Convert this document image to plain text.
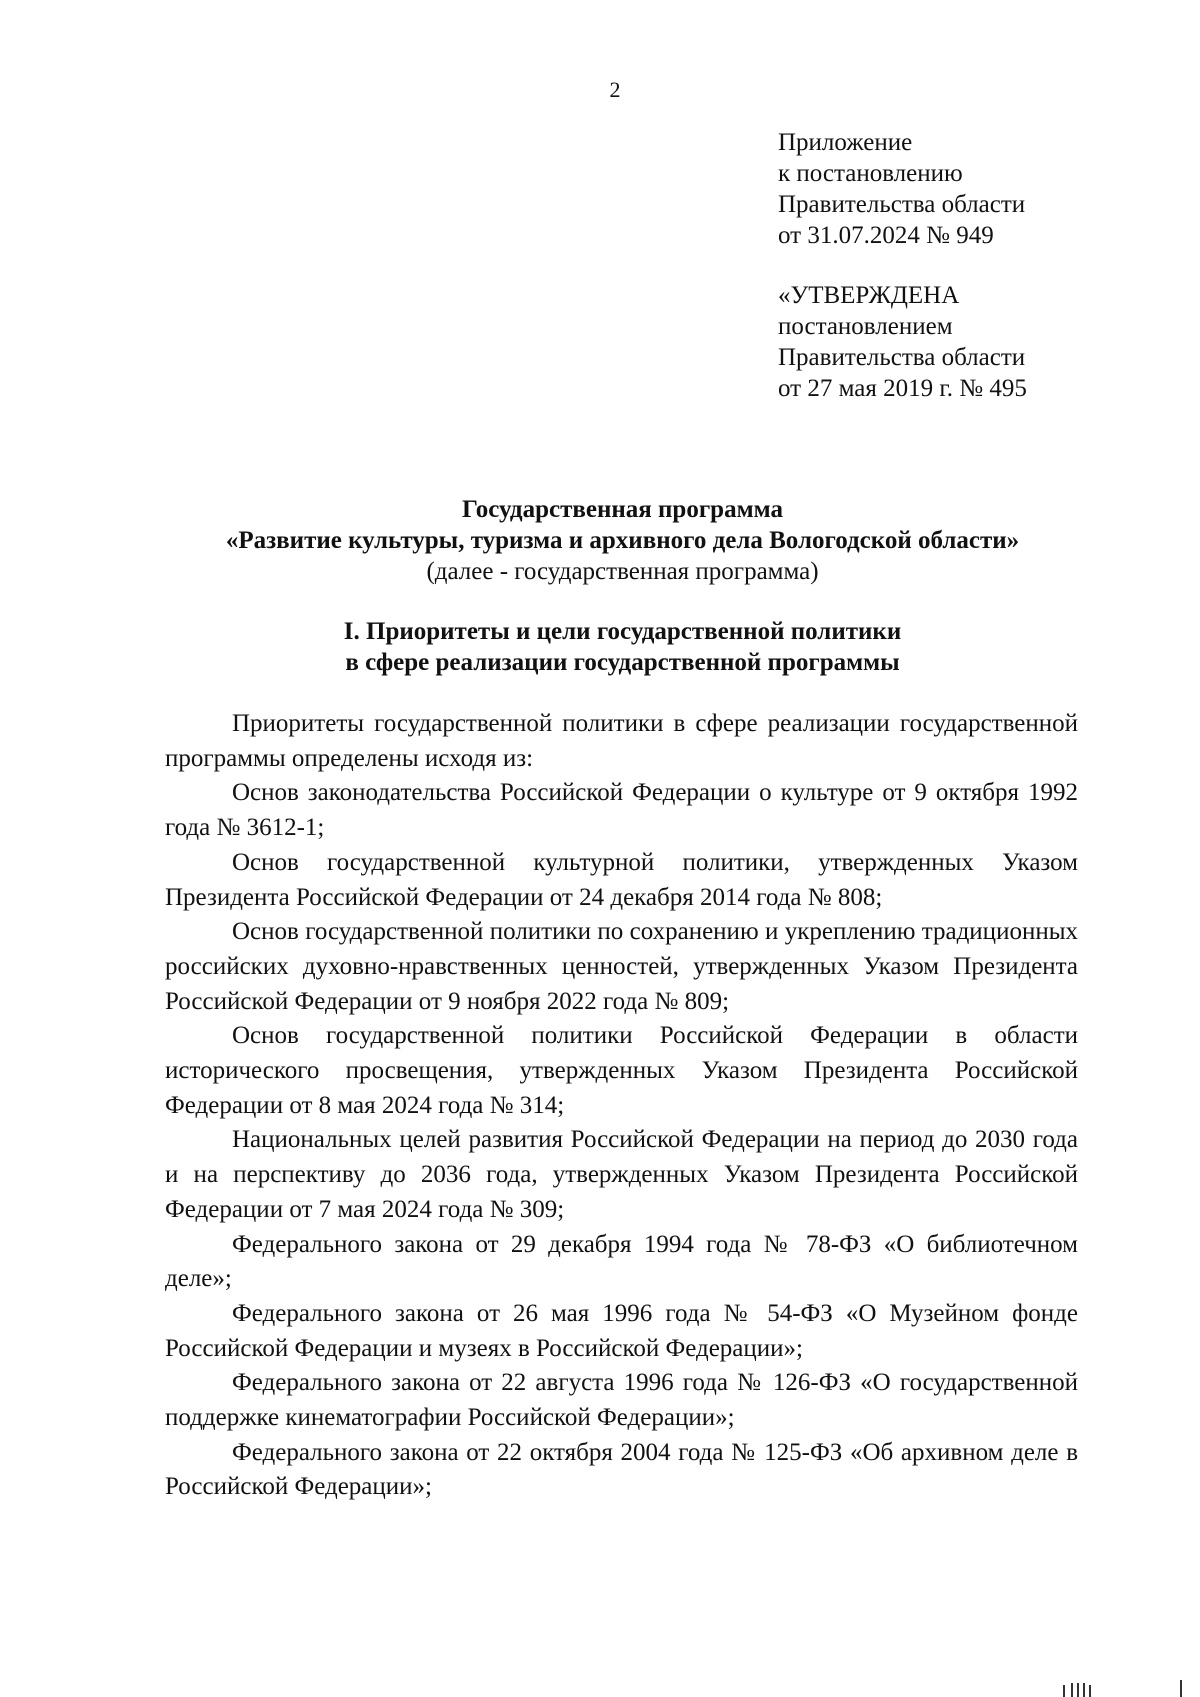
2
Приложение
к постановлению
Правительства области
от 31.07.2024 № 949
«УТВЕРЖДЕНА
постановлением
Правительства области
от 27 мая 2019 г. № 495
Государственная программа
«Развитие культуры, туризма и архивного дела Вологодской области»
(далее - государственная программа)
I. Приоритеты и цели государственной политики
в сфере реализации государственной программы

Приоритеты государственной политики в сфере реализации государственной программы определены исходя из:

Основ законодательства Российской Федерации о культуре от 9 октября 1992 года № 3612-1;

Основ государственной культурной политики, утвержденных Указом Президента Российской Федерации от 24 декабря 2014 года № 808;

Основ государственной политики по сохранению и укреплению традиционных российских духовно-нравственных ценностей, утвержденных Указом Президента Российской Федерации от 9 ноября 2022 года № 809;

Основ государственной политики Российской Федерации в области исторического просвещения, утвержденных Указом Президента Российской Федерации от 8 мая 2024 года № 314;

Национальных целей развития Российской Федерации на период до 2030 года и на перспективу до 2036 года, утвержденных Указом Президента Российской Федерации от 7 мая 2024 года № 309;

Федерального закона от 29 декабря 1994 года № 78-ФЗ «О библиотечном деле»;

Федерального закона от 26 мая 1996 года № 54-ФЗ «О Музейном фонде Российской Федерации и музеях в Российской Федерации»;

Федерального закона от 22 августа 1996 года № 126-ФЗ «О государственной поддержке кинематографии Российской Федерации»;

Федерального закона от 22 октября 2004 года № 125-ФЗ «Об архивном деле в Российской Федерации»;
